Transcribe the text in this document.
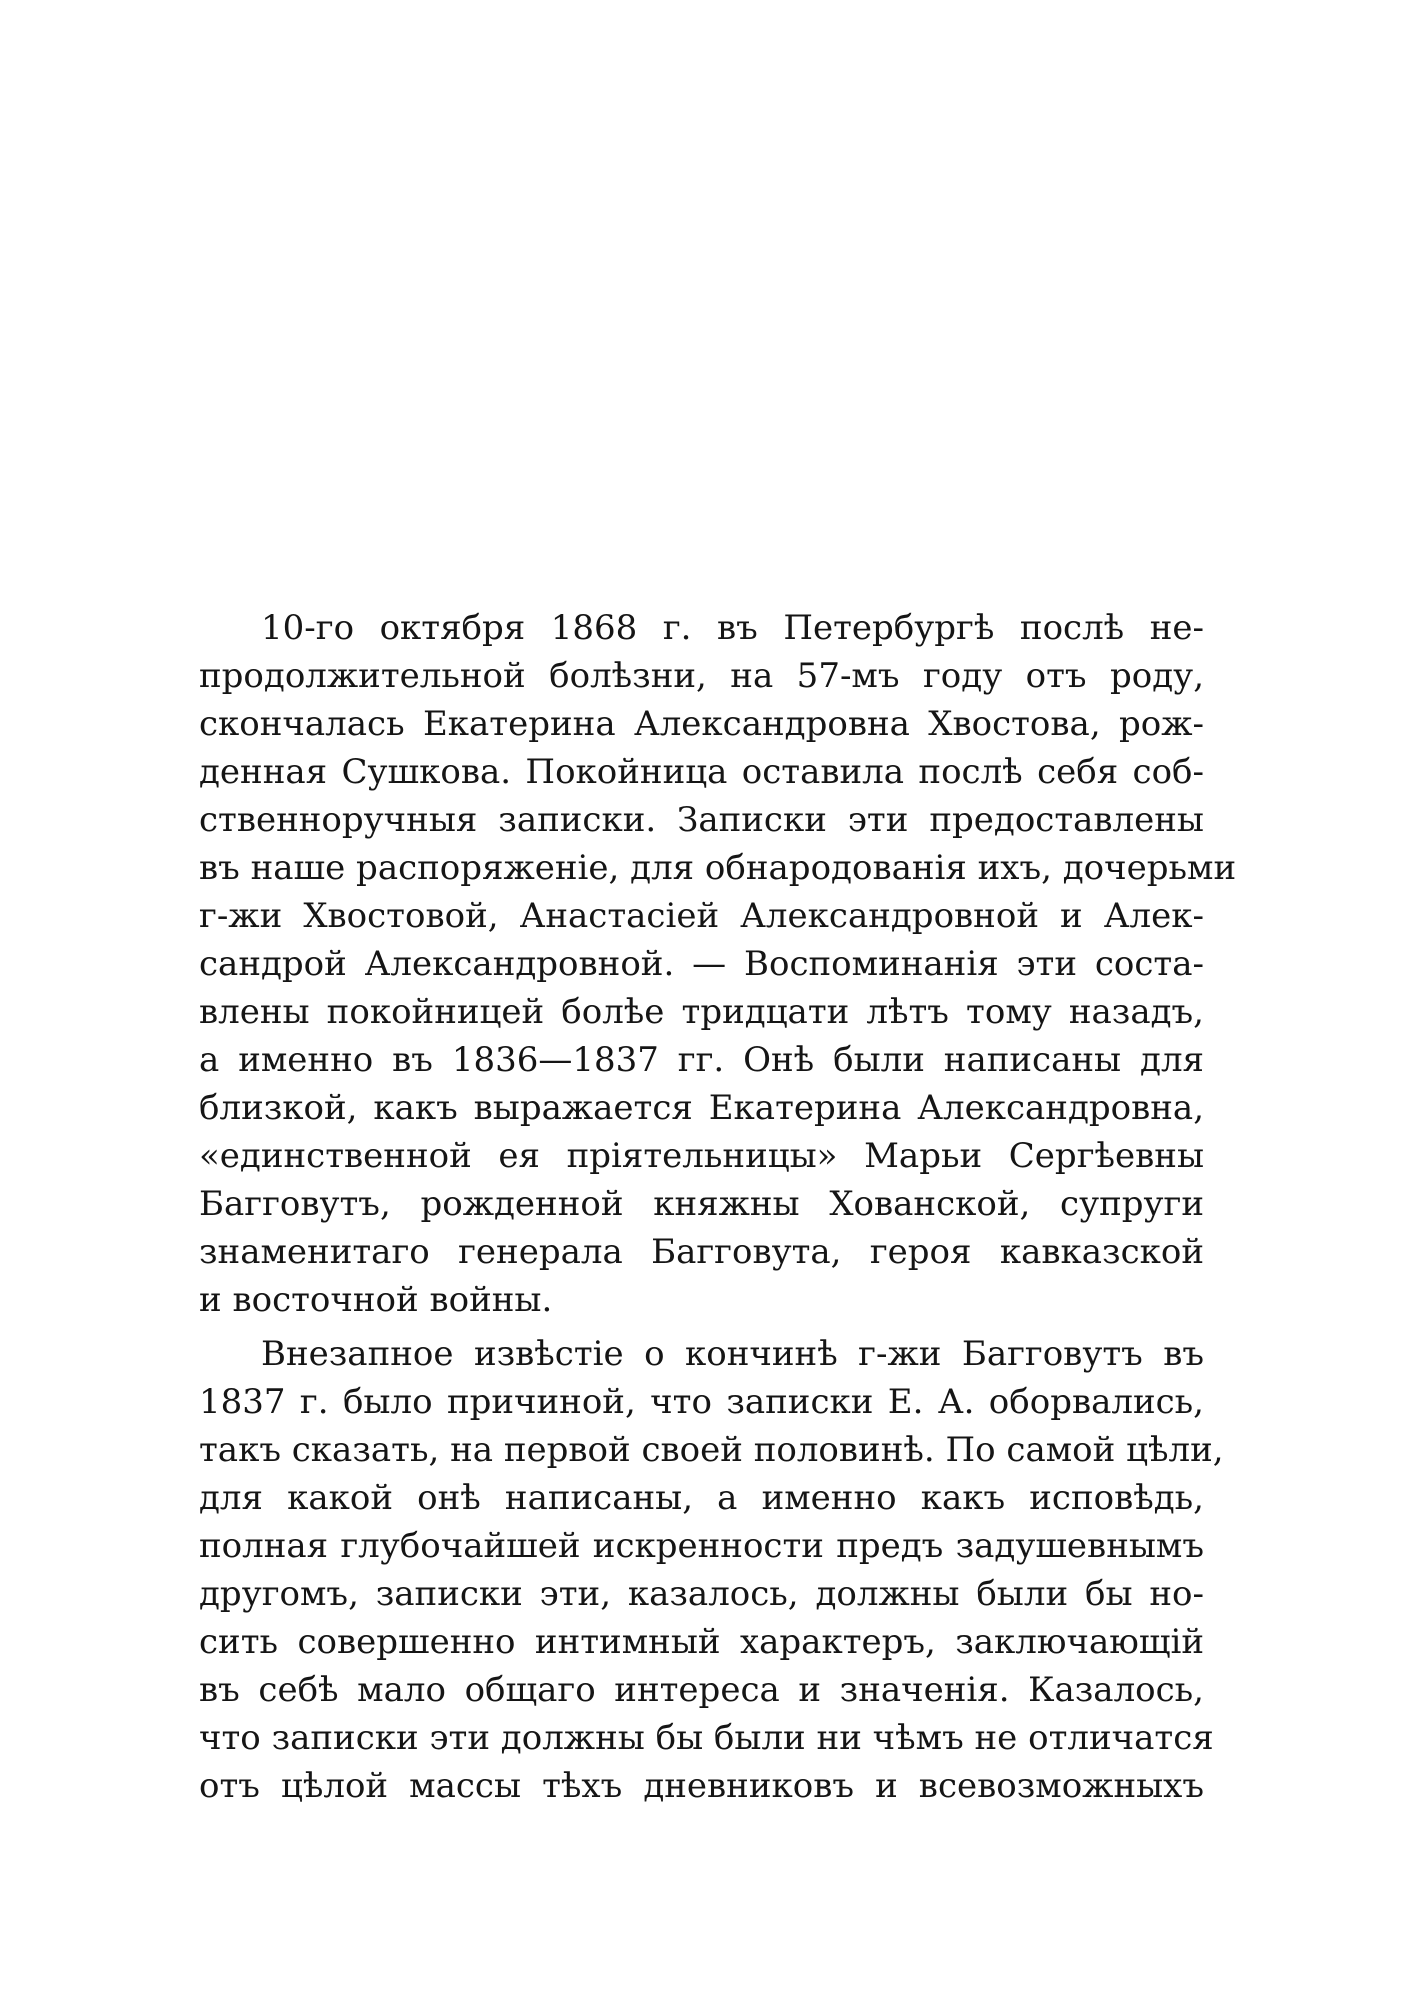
10-го октября 1868 г. въ Петербургѣ послѣ не-
продолжительной болѣзни, на 57-мъ году отъ роду,
скончалась Екатерина Александровна Хвостова, рож-
денная Сушкова. Покойница оставила послѣ себя соб-
ственноручныя записки. Записки эти предоставлены
въ наше распоряженіе, для обнародованія ихъ, дочерьми
г-жи Хвостовой, Анастасіей Александровной и Алек-
сандрой Александровной. — Воспоминанія эти соста-
влены покойницей болѣе тридцати лѣтъ тому назадъ,
а именно въ 1836—1837 гг. Онѣ были написаны для
близкой, какъ выражается Екатерина Александровна,
«единственной ея пріятельницы» Марьи Сергѣевны
Багговутъ, рожденной княжны Хованской, супруги
знаменитаго генерала Багговута, героя кавказской
и восточной войны.
Внезапное извѣстіе о кончинѣ г-жи Багговутъ въ
1837 г. было причиной, что записки Е. А. оборвались,
такъ сказать, на первой своей половинѣ. По самой цѣли,
для какой онѣ написаны, а именно какъ исповѣдь,
полная глубочайшей искренности предъ задушевнымъ
другомъ, записки эти, казалось, должны были бы но-
сить совершенно интимный характеръ, заключающій
въ себѣ мало общаго интереса и значенія. Казалось,
что записки эти должны бы были ни чѣмъ не отличатся
отъ цѣлой массы тѣхъ дневниковъ и всевозможныхъ
